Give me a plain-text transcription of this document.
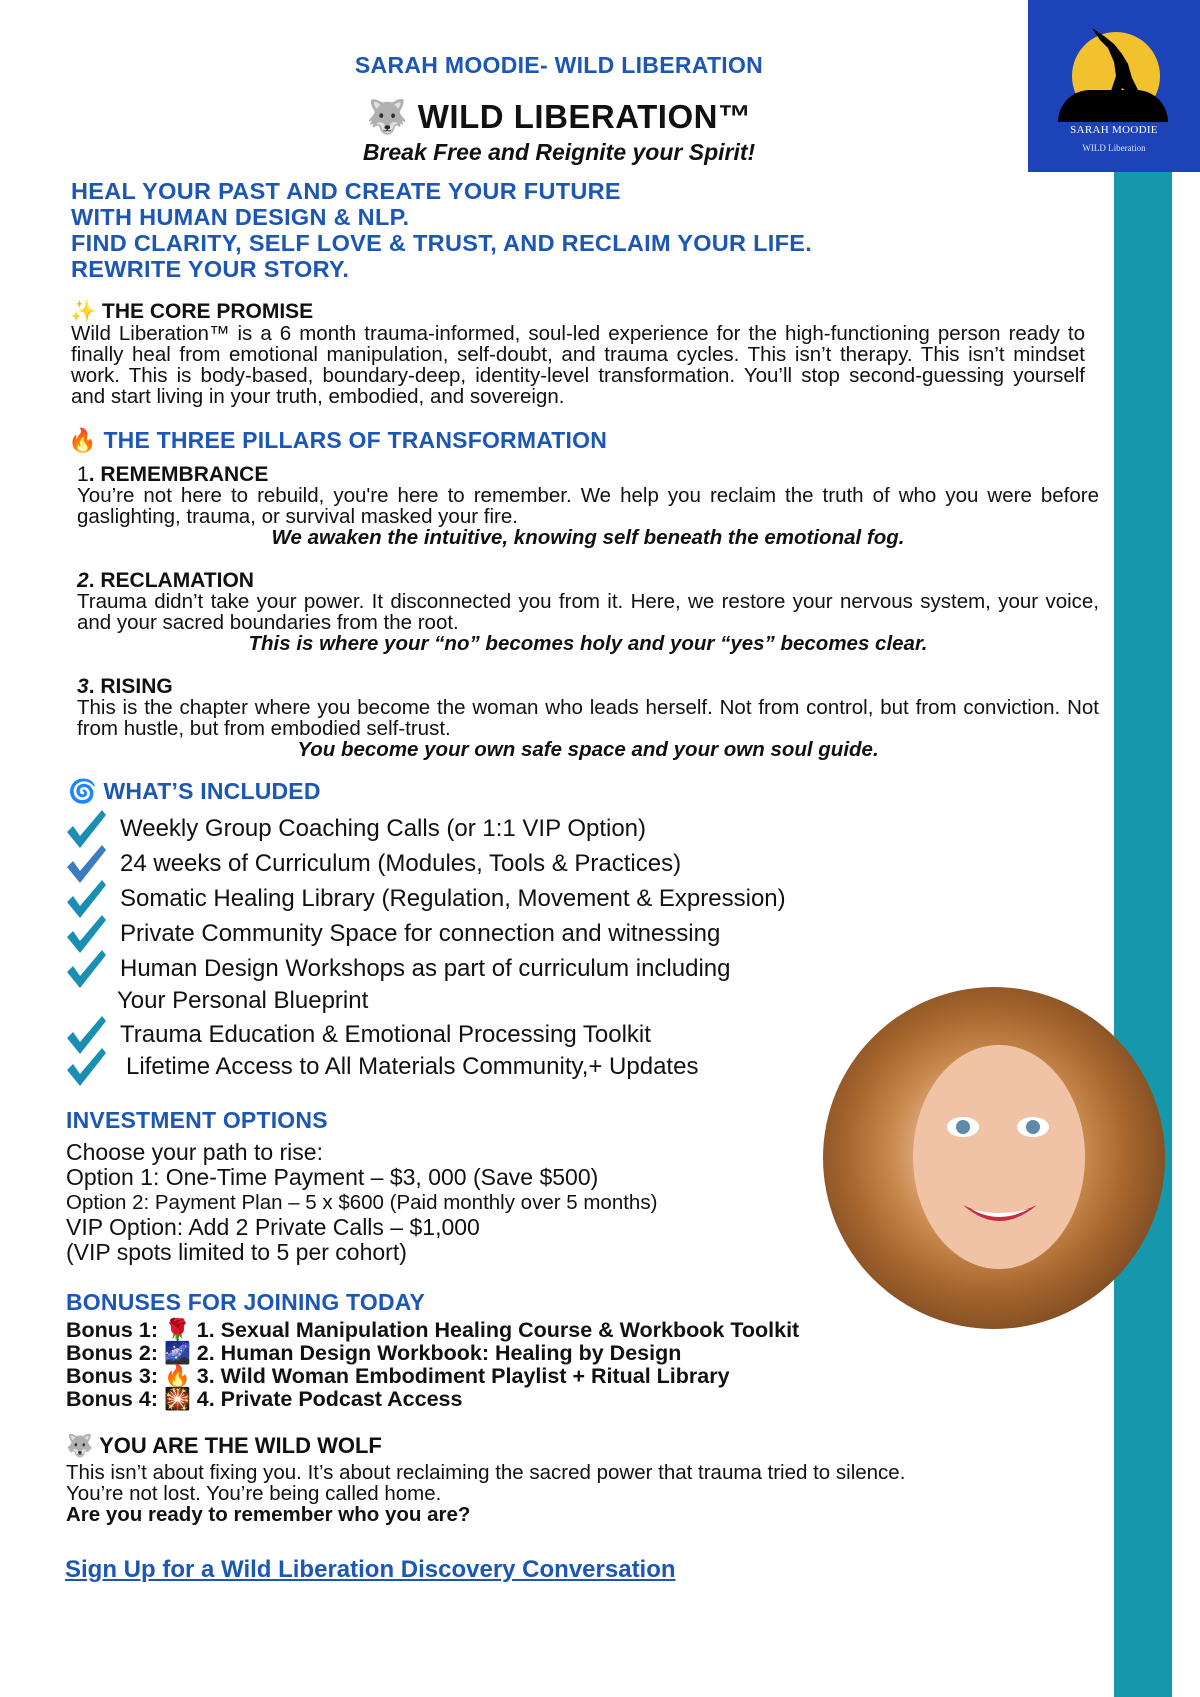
SARAH MOODIE
WILD Liberation
SARAH MOODIE- WILD LIBERATION
🐺 WILD LIBERATION™
Break Free and Reignite your Spirit!
HEAL YOUR PAST AND CREATE YOUR FUTURE
WITH HUMAN DESIGN & NLP.
FIND CLARITY, SELF LOVE & TRUST, AND RECLAIM YOUR LIFE.
REWRITE YOUR STORY.
✨ THE CORE PROMISE
Wild Liberation™ is a 6 month trauma-informed, soul-led experience for the high-functioning person ready to finally heal from emotional manipulation, self-doubt, and trauma cycles. This isn’t therapy. This isn’t mindset work. This is body-based, boundary-deep, identity-level transformation. You’ll stop second-guessing yourself and start living in your truth, embodied, and sovereign.
🔥 THE THREE PILLARS OF TRANSFORMATION
1. REMEMBRANCE
You’re not here to rebuild, you're here to remember. We help you reclaim the truth of who you were before gaslighting, trauma, or survival masked your fire.
We awaken the intuitive, knowing self beneath the emotional fog.
2. RECLAMATION
Trauma didn’t take your power. It disconnected you from it. Here, we restore your nervous system, your voice, and your sacred boundaries from the root.
This is where your “no” becomes holy and your “yes” becomes clear.
3. RISING
This is the chapter where you become the woman who leads herself. Not from control, but from conviction. Not from hustle, but from embodied self-trust.
You become your own safe space and your own soul guide.
🌀 WHAT’S INCLUDED
Weekly Group Coaching Calls (or 1:1 VIP Option)
24 weeks of Curriculum (Modules, Tools & Practices)
Somatic Healing Library (Regulation, Movement & Expression)
Private Community Space for connection and witnessing
Human Design Workshops as part of curriculum including
Your Personal Blueprint
Trauma Education & Emotional Processing Toolkit
Lifetime Access to All Materials Community,+ Updates
INVESTMENT OPTIONS
Choose your path to rise:
Option 1: One-Time Payment – $3, 000 (Save $500)
Option 2: Payment Plan – 5 x $600 (Paid monthly over 5 months)
VIP Option: Add 2 Private Calls – $1,000
(VIP spots limited to 5 per cohort)
BONUSES FOR JOINING TODAY
Bonus 1: 🌹 1. Sexual Manipulation Healing Course & Workbook Toolkit
Bonus 2: 🌌 2. Human Design Workbook: Healing by Design
Bonus 3: 🔥 3. Wild Woman Embodiment Playlist + Ritual Library
Bonus 4: 🎇 4. Private Podcast Access
🐺 YOU ARE THE WILD WOLF
This isn’t about fixing you. It’s about reclaiming the sacred power that trauma tried to silence.
You’re not lost. You’re being called home.
Are you ready to remember who you are?
Sign Up for a Wild Liberation Discovery Conversation
